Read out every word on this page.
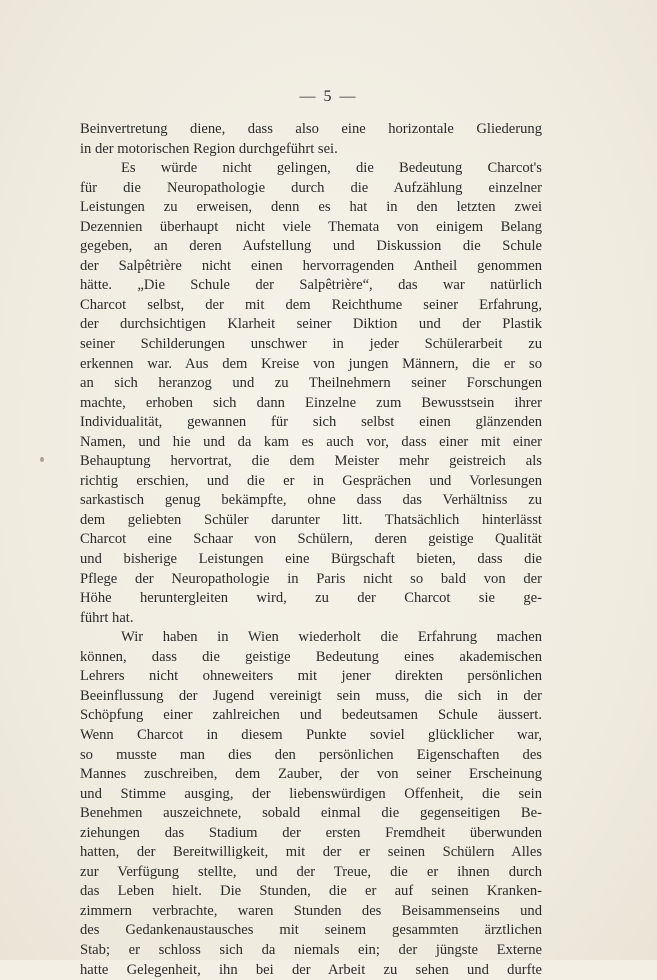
— 5 —
Beinvertretung diene, dass also eine horizontale Gliederung
in der motorischen Region durchgeführt sei.
Es würde nicht gelingen, die Bedeutung Charcot's
für die Neuropathologie durch die Aufzählung einzelner
Leistungen zu erweisen, denn es hat in den letzten zwei
Dezennien überhaupt nicht viele Themata von einigem Belang
gegeben, an deren Aufstellung und Diskussion die Schule
der Salpêtrière nicht einen hervorragenden Antheil genommen
hätte. „Die Schule der Salpêtrière“, das war natürlich
Charcot selbst, der mit dem Reichthume seiner Erfahrung,
der durchsichtigen Klarheit seiner Diktion und der Plastik
seiner Schilderungen unschwer in jeder Schülerarbeit zu
erkennen war. Aus dem Kreise von jungen Männern, die er so
an sich heranzog und zu Theilnehmern seiner Forschungen
machte, erhoben sich dann Einzelne zum Bewusstsein ihrer
Individualität, gewannen für sich selbst einen glänzenden
Namen, und hie und da kam es auch vor, dass einer mit einer
Behauptung hervortrat, die dem Meister mehr geistreich als
richtig erschien, und die er in Gesprächen und Vorlesungen
sarkastisch genug bekämpfte, ohne dass das Verhältniss zu
dem geliebten Schüler darunter litt. Thatsächlich hinterlässt
Charcot eine Schaar von Schülern, deren geistige Qualität
und bisherige Leistungen eine Bürgschaft bieten, dass die
Pflege der Neuropathologie in Paris nicht so bald von der
Höhe heruntergleiten wird, zu der Charcot sie ge-
führt hat.
Wir haben in Wien wiederholt die Erfahrung machen
können, dass die geistige Bedeutung eines akademischen
Lehrers nicht ohneweiters mit jener direkten persönlichen
Beeinflussung der Jugend vereinigt sein muss, die sich in der
Schöpfung einer zahlreichen und bedeutsamen Schule äussert.
Wenn Charcot in diesem Punkte soviel glücklicher war,
so musste man dies den persönlichen Eigenschaften des
Mannes zuschreiben, dem Zauber, der von seiner Erscheinung
und Stimme ausging, der liebenswürdigen Offenheit, die sein
Benehmen auszeichnete, sobald einmal die gegenseitigen Be-
ziehungen das Stadium der ersten Fremdheit überwunden
hatten, der Bereitwilligkeit, mit der er seinen Schülern Alles
zur Verfügung stellte, und der Treue, die er ihnen durch
das Leben hielt. Die Stunden, die er auf seinen Kranken-
zimmern verbrachte, waren Stunden des Beisammenseins und
des Gedankenaustausches mit seinem gesammten ärztlichen
Stab; er schloss sich da niemals ein; der jüngste Externe
hatte Gelegenheit, ihn bei der Arbeit zu sehen und durfte
